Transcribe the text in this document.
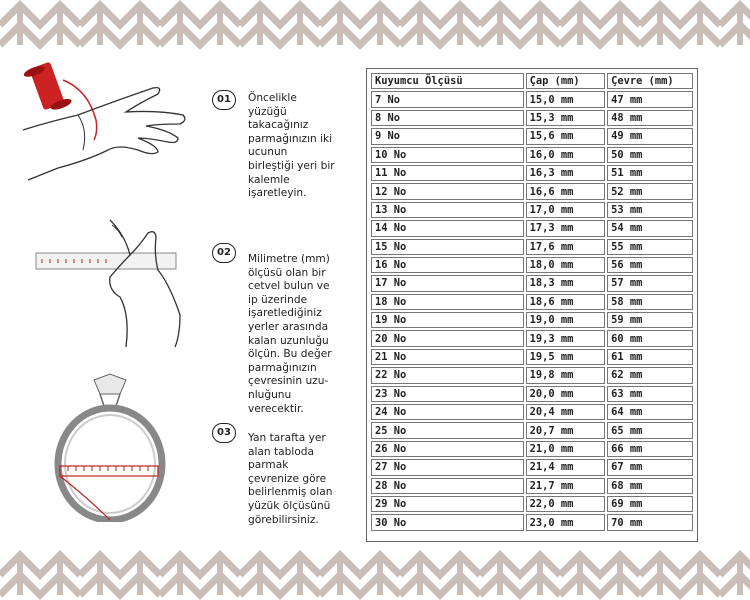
01	Öncelikle
yüzüğü
takacağınız
parmağınızın iki
ucunun
birleştiği yeri bir
kalemle
işaretleyin.
02
Milimetre (mm)
ölçüsü olan bir
cetvel bulun ve
ip üzerinde
işaretlediğiniz
yerler arasında
kalan uzunluğu
ölçün. Bu değer
parmağınızın
çevresinin uzu-
nluğunu
verecektir.
03	Yan tarafta yer
alan tabloda
parmak
çevrenize göre
belirlenmiş olan
yüzük ölçüsünü
görebilirsiniz.
Kuyumcu Ölçüsü	Çap (mm)	Çevre (mm)
7 No	15,0 mm	47 mm
8 No	15,3 mm	48 mm
9 No	15,6 mm	49 mm
10 No	16,0 mm	50 mm
11 No	16,3 mm	51 mm
12 No	16,6 mm	52 mm
13 No	17,0 mm	53 mm
14 No	17,3 mm	54 mm
15 No	17,6 mm	55 mm
16 No	18,0 mm	56 mm
17 No	18,3 mm	57 mm
18 No	18,6 mm	58 mm
19 No	19,0 mm	59 mm
20 No	19,3 mm	60 mm
21 No	19,5 mm	61 mm
22 No	19,8 mm	62 mm
23 No	20,0 mm	63 mm
24 No	20,4 mm	64 mm
25 No	20,7 mm	65 mm
26 No	21,0 mm	66 mm
27 No	21,4 mm	67 mm
28 No	21,7 mm	68 mm
29 No	22,0 mm	69 mm
30 No	23,0 mm	70 mm
